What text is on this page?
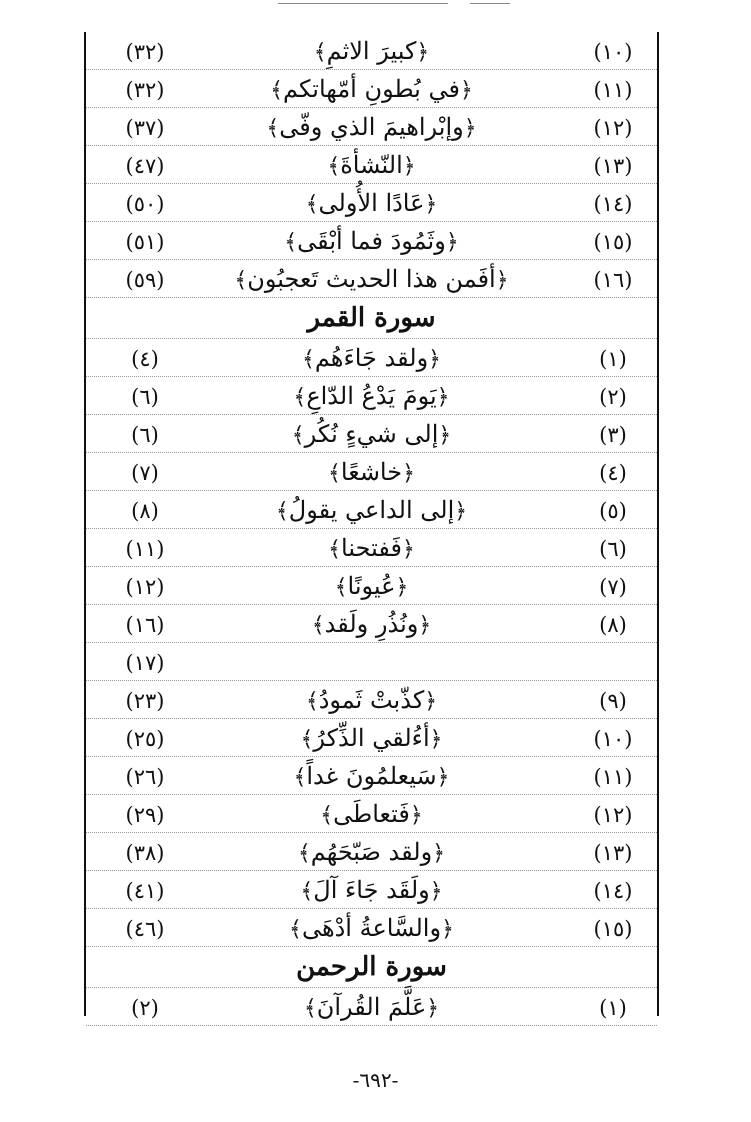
(١٠)
﴿كبيرَ الاثمِ﴾
(٣٢)
(١١)
﴿في بُطونِ أمّهاتكم﴾
(٣٢)
(١٢)
﴿وإبْراهيمَ الذي وفّى﴾
(٣٧)
(١٣)
﴿النّشأةَ﴾
(٤٧)
(١٤)
﴿عَادًا الأُولى﴾
(٥٠)
(١٥)
﴿وثَمُودَ فما أبْقَى﴾
(٥١)
(١٦)
﴿أفَمن هذا الحديث تَعجبُون﴾
(٥٩)
سورة القمر
(١)
﴿ولقد جَاءَهُم﴾
(٤)
(٢)
﴿يَومَ يَدْعُ الدّاعِ﴾
(٦)
(٣)
﴿إلى شيءٍ نُكُر﴾
(٦)
(٤)
﴿خاشعًا﴾
(٧)
(٥)
﴿إلى الداعي يقولُ﴾
(٨)
(٦)
﴿فَفتحنا﴾
(١١)
(٧)
﴿عُيونًا﴾
(١٢)
(٨)
﴿ونُذُرِ ولَقد﴾
(١٦)
(١٧)
(٩)
﴿كذّبتْ ثَمودُ﴾
(٢٣)
(١٠)
﴿أءُلقي الذِّكرُ﴾
(٢٥)
(١١)
﴿سَيعلمُونَ غداً﴾
(٢٦)
(١٢)
﴿فَتعاطَى﴾
(٢٩)
(١٣)
﴿ولقد صَبّحَهُم﴾
(٣٨)
(١٤)
﴿ولَقَد جَاءَ آلَ﴾
(٤١)
(١٥)
﴿والسَّاعةُ أدْهَى﴾
(٤٦)
سورة الرحمن
(١)
﴿عَلَّمَ القُرآنَ﴾
(٢)
-٦٩٢-
